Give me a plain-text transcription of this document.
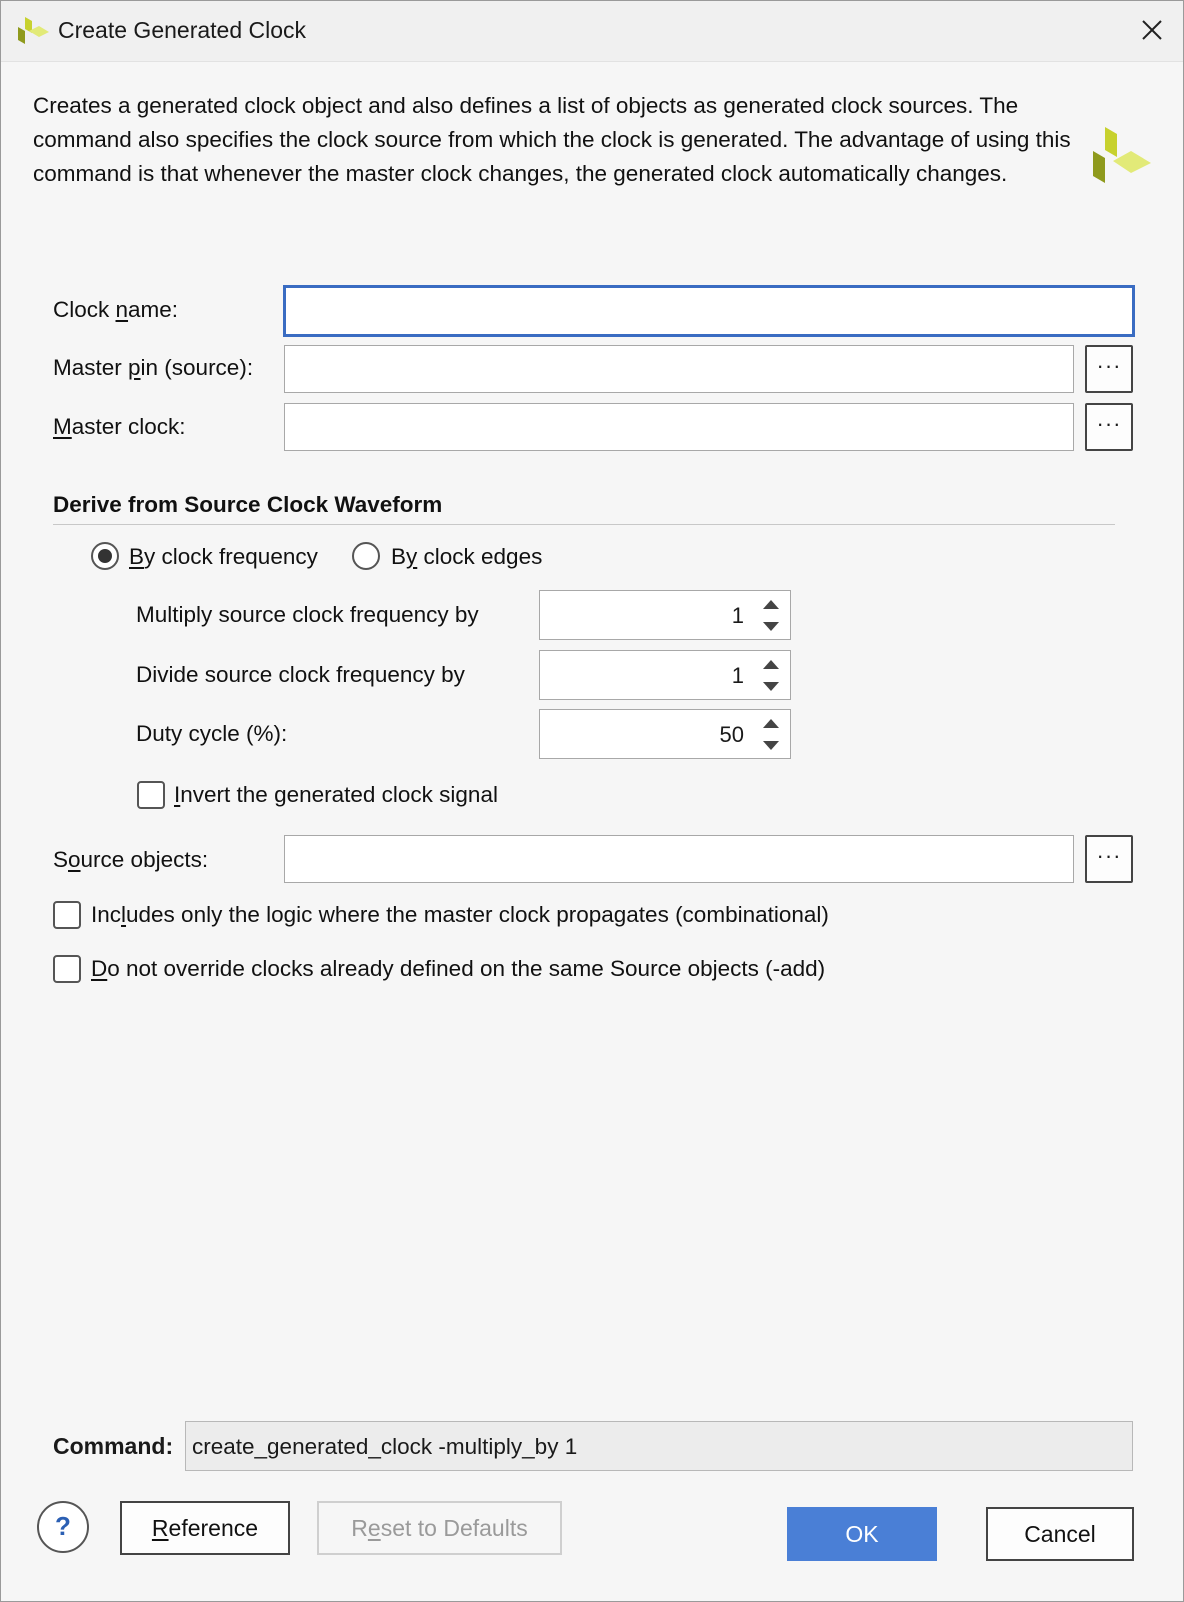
Create Generated Clock
Creates a generated clock object and also defines a list of objects as generated clock sources. The command also specifies the clock source from which the clock is generated. The advantage of using this command is that whenever the master clock changes, the generated clock automatically changes.
Clock name:
Master pin (source):	···
Master clock:	···
Derive from Source Clock Waveform
By clock frequency	By clock edges
Multiply source clock frequency by	1
Divide source clock frequency by	1
Duty cycle (%):	50
Invert the generated clock signal
Source objects:	···
Includes only the logic where the master clock propagates (combinational)
Do not override clocks already defined on the same Source objects (-add)
Command: create_generated_clock -multiply_by 1
?	Reference	Reset to Defaults	OK	Cancel
